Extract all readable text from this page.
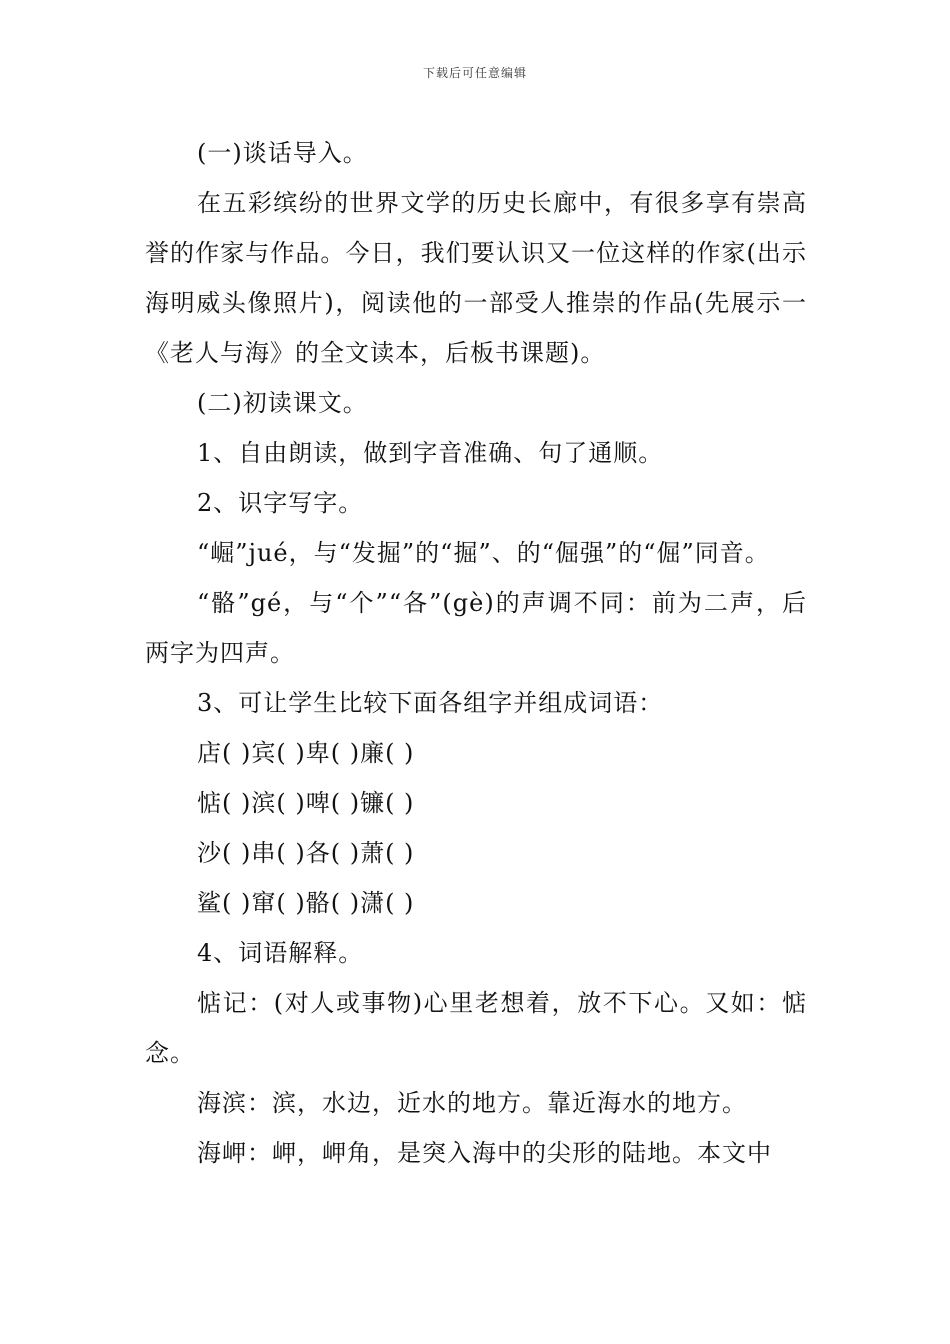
下载后可任意编辑

(一)谈话导入。

在五彩缤纷的世界文学的历史长廊中，有很多享有崇高誉的作家与作品。今日，我们要认识又一位这样的作家(出示海明威头像照片)，阅读他的一部受人推崇的作品(先展示一《老人与海》的全文读本，后板书课题)。

(二)初读课文。

1、自由朗读，做到字音准确、句了通顺。

2、识字写字。

“崛”jué，与“发掘”的“掘”、的“倔强”的“倔”同音。

“骼”gé，与“个”“各”(gè)的声调不同：前为二声，后两字为四声。

3、可让学生比较下面各组字并组成词语：

店( )宾( )卑( )廉( )

惦( )滨( )啤( )镰( )

沙( )串( )各( )萧( )

鲨( )窜( )骼( )潇( )

4、词语解释。

惦记：(对人或事物)心里老想着，放不下心。又如：惦念。

海滨：滨，水边，近水的地方。靠近海水的地方。

海岬：岬，岬角，是突入海中的尖形的陆地。本文中
